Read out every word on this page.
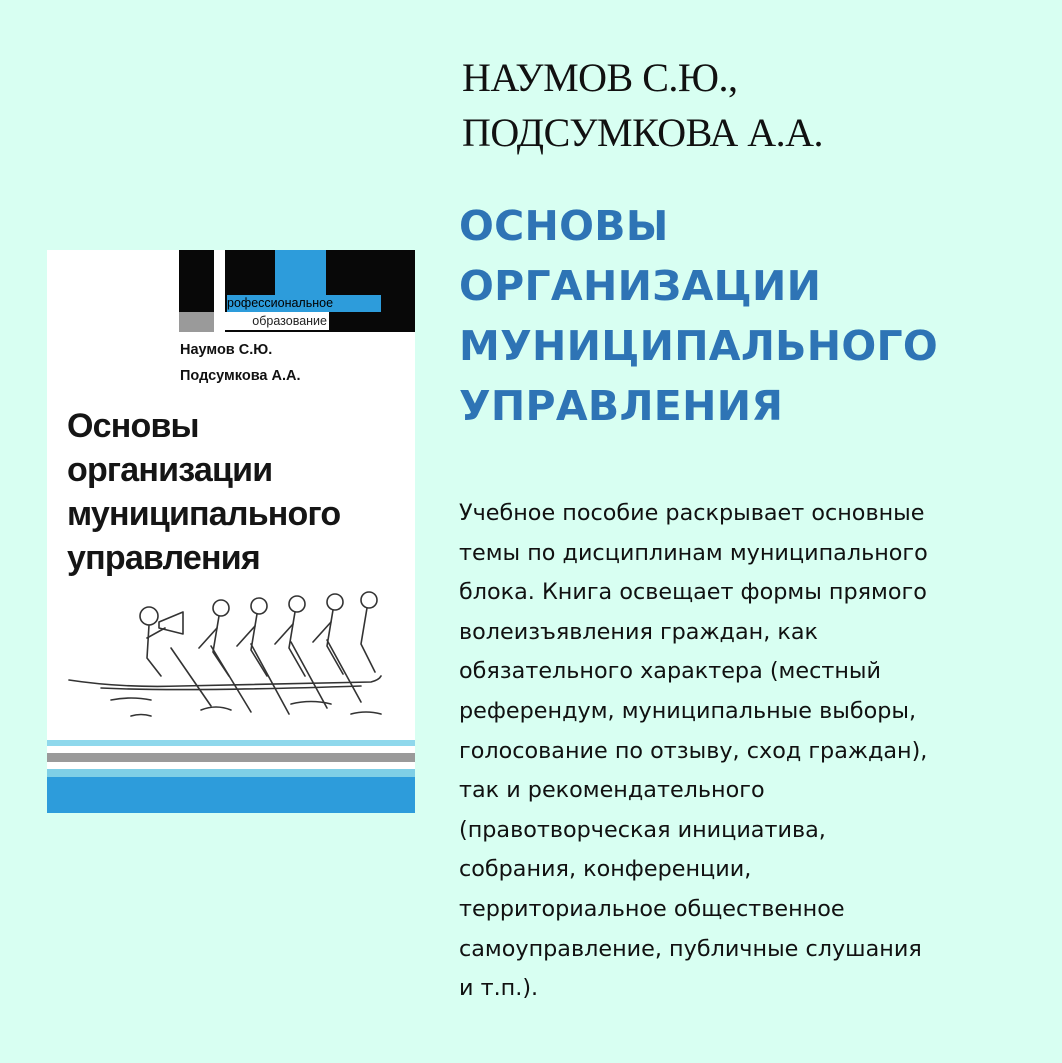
рофессиональное
образование
Наумов С.Ю.
Подсумкова А.А.
Основы
организации
муниципального
управления
НАУМОВ С.Ю.,
ПОДСУМКОВА А.А.
ОСНОВЫ
ОРГАНИЗАЦИИ
МУНИЦИПАЛЬНОГО
УПРАВЛЕНИЯ
Учебное пособие раскрывает основные
темы по дисциплинам муниципального
блока. Книга освещает формы прямого
волеизъявления граждан, как
обязательного характера (местный
референдум, муниципальные выборы,
голосование по отзыву, сход граждан),
так и рекомендательного
(правотворческая инициатива,
собрания, конференции,
территориальное общественное
самоуправление, публичные слушания
и т.п.).
